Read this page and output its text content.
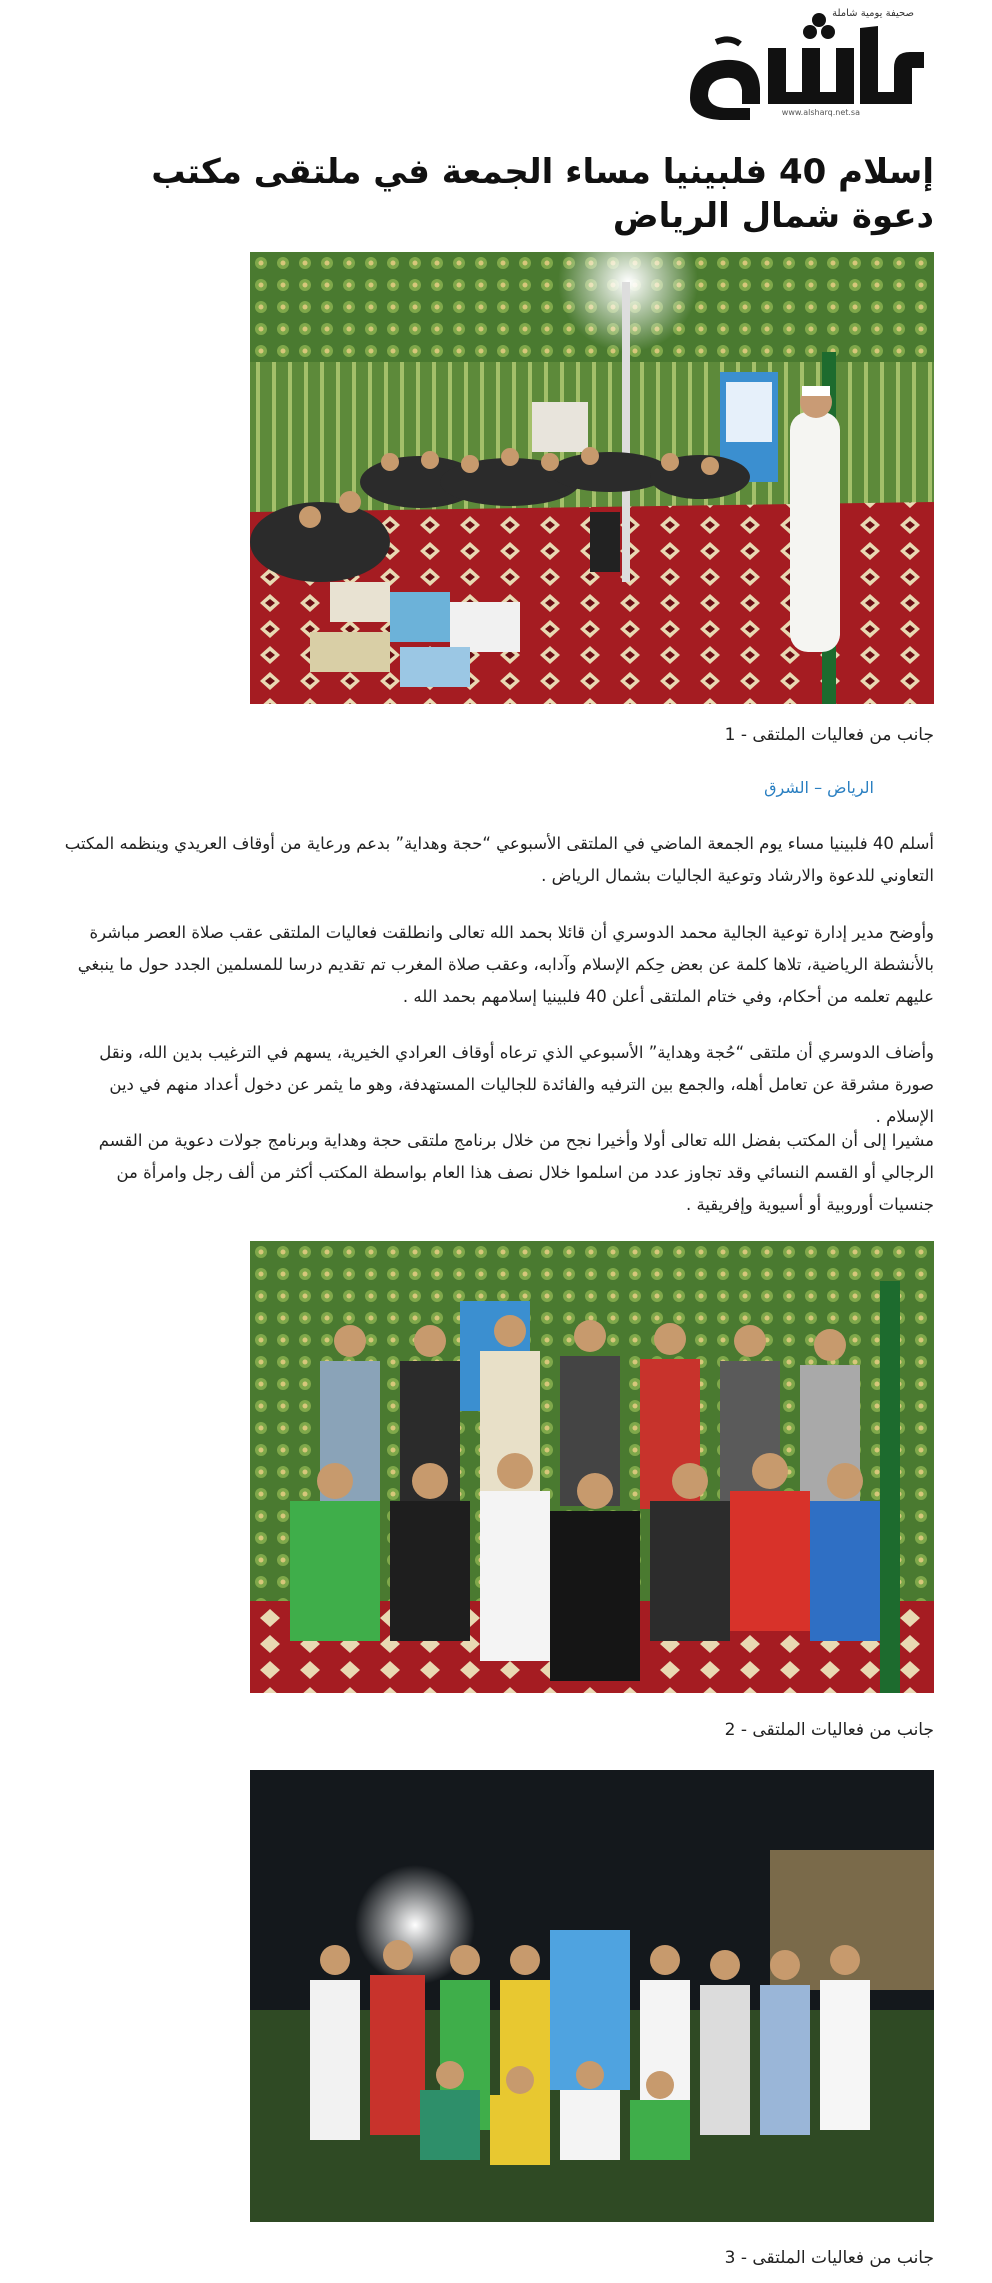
صحيفة يومية شاملة
www.alsharq.net.sa
إسلام 40 فلبينيا مساء الجمعة في ملتقى مكتب دعوة شمال الرياض
جانب من فعاليات الملتقى - 1
الرياض – الشرق

أسلم 40 فلبينيا مساء يوم الجمعة الماضي في الملتقى الأسبوعي “حجة وهداية” بدعم ورعاية من أوقاف العريدي وينظمه المكتب التعاوني للدعوة والارشاد وتوعية الجاليات بشمال الرياض .

وأوضح مدير إدارة توعية الجالية محمد الدوسري أن قائلا بحمد الله تعالى وانطلقت فعاليات الملتقى عقب صلاة العصر مباشرة بالأنشطة الرياضية، تلاها كلمة عن بعض حِكم الإسلام وآدابه، وعقب صلاة المغرب تم تقديم درسا للمسلمين الجدد حول ما ينبغي عليهم تعلمه من أحكام، وفي ختام الملتقى أعلن 40 فلبينيا إسلامهم بحمد الله .

وأضاف الدوسري أن ملتقى “حُجة وهداية” الأسبوعي الذي ترعاه أوقاف العرادي الخيرية، يسهم في الترغيب بدين الله، ونقل صورة مشرقة عن تعامل أهله، والجمع بين الترفيه والفائدة للجاليات المستهدفة، وهو ما يثمر عن دخول أعداد منهم في دين الإسلام .

مشيرا إلى أن المكتب بفضل الله تعالى أولا وأخيرا نجح من خلال برنامج ملتقى حجة وهداية وبرنامج جولات دعوية من القسم الرجالي أو القسم النسائي وقد تجاوز عدد من اسلموا خلال نصف هذا العام بواسطة المكتب أكثر من ألف رجل وامرأة من جنسيات أوروبية أو أسيوية وإفريقية .

جانب من فعاليات الملتقى - 2
جانب من فعاليات الملتقى - 3
